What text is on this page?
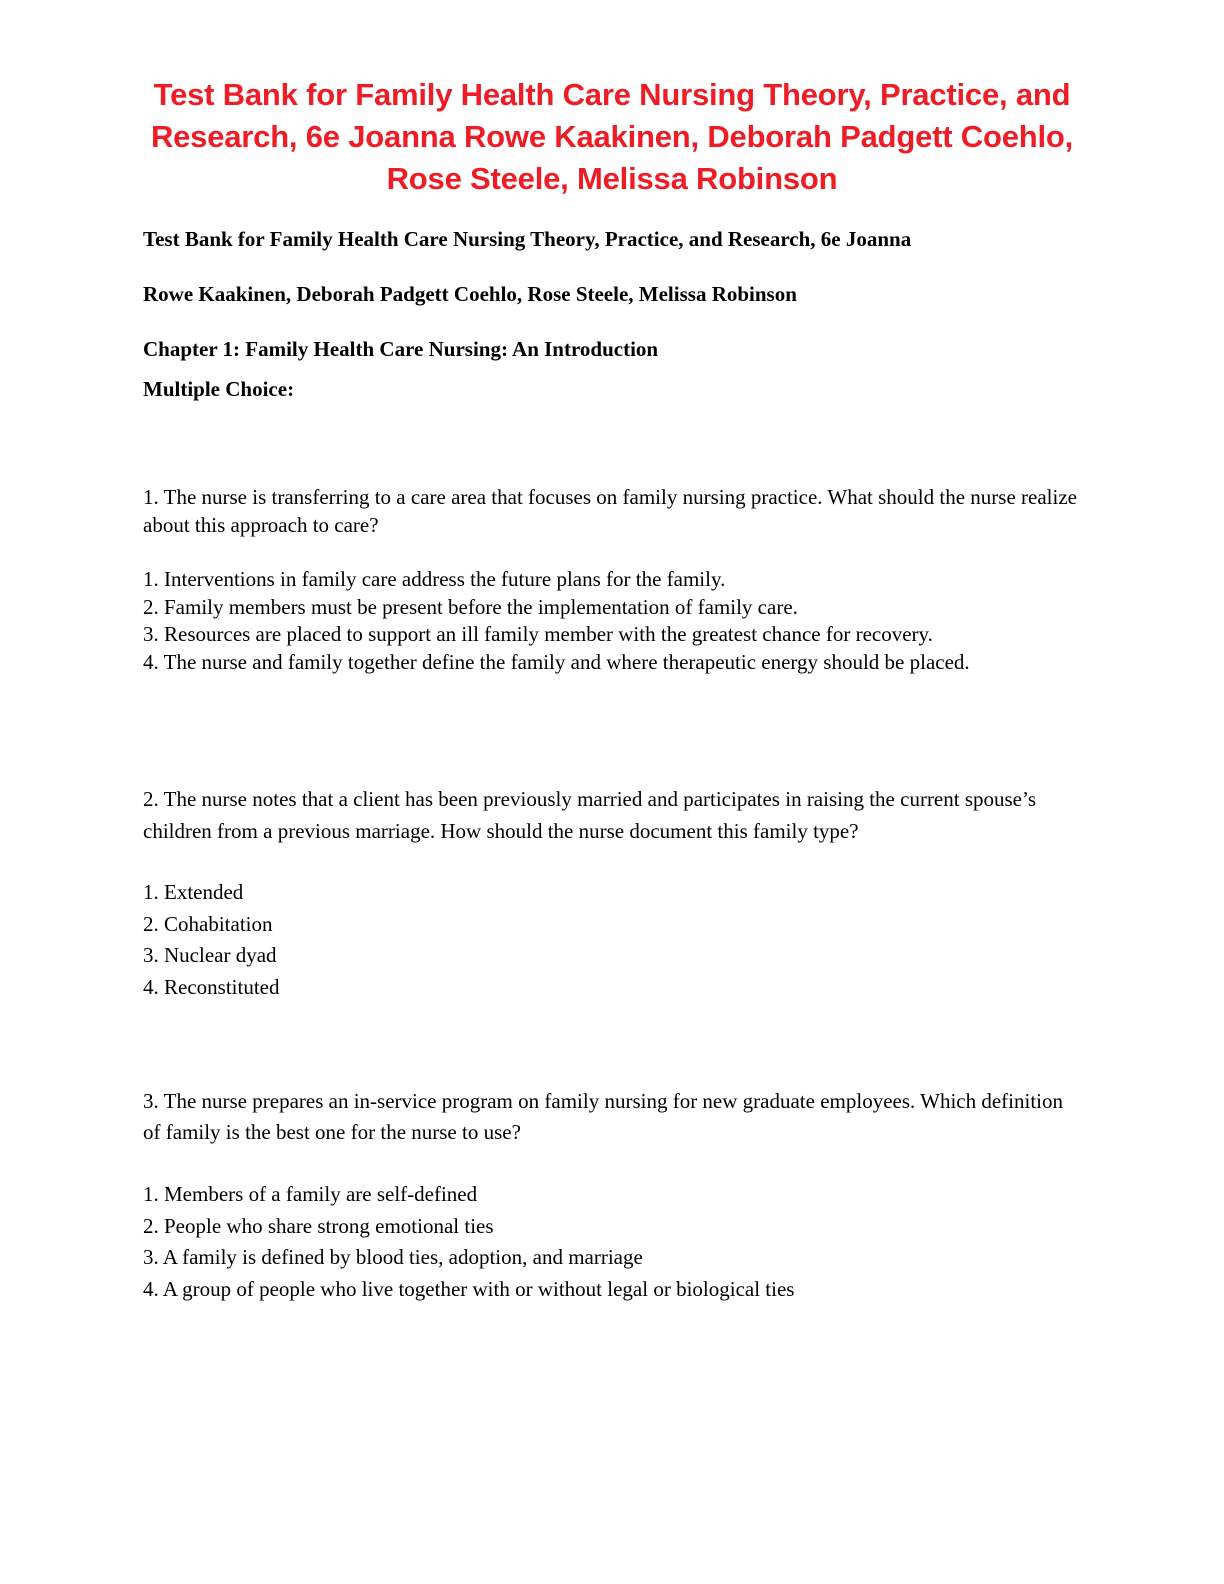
Test Bank for Family Health Care Nursing Theory, Practice, and Research, 6e Joanna Rowe Kaakinen, Deborah Padgett Coehlo, Rose Steele, Melissa Robinson

Test Bank for Family Health Care Nursing Theory, Practice, and Research, 6e Joanna

Rowe Kaakinen, Deborah Padgett Coehlo, Rose Steele, Melissa Robinson

Chapter 1: Family Health Care Nursing: An Introduction

Multiple Choice:

1. The nurse is transferring to a care area that focuses on family nursing practice. What should the nurse realize about this approach to care?

1. Interventions in family care address the future plans for the family.
2. Family members must be present before the implementation of family care.
3. Resources are placed to support an ill family member with the greatest chance for recovery.
4. The nurse and family together define the family and where therapeutic energy should be placed.

2. The nurse notes that a client has been previously married and participates in raising the current spouse’s children from a previous marriage. How should the nurse document this family type?

1. Extended
2. Cohabitation
3. Nuclear dyad
4. Reconstituted

3. The nurse prepares an in-service program on family nursing for new graduate employees. Which definition of family is the best one for the nurse to use?

1. Members of a family are self-defined
2. People who share strong emotional ties
3. A family is defined by blood ties, adoption, and marriage
4. A group of people who live together with or without legal or biological ties
